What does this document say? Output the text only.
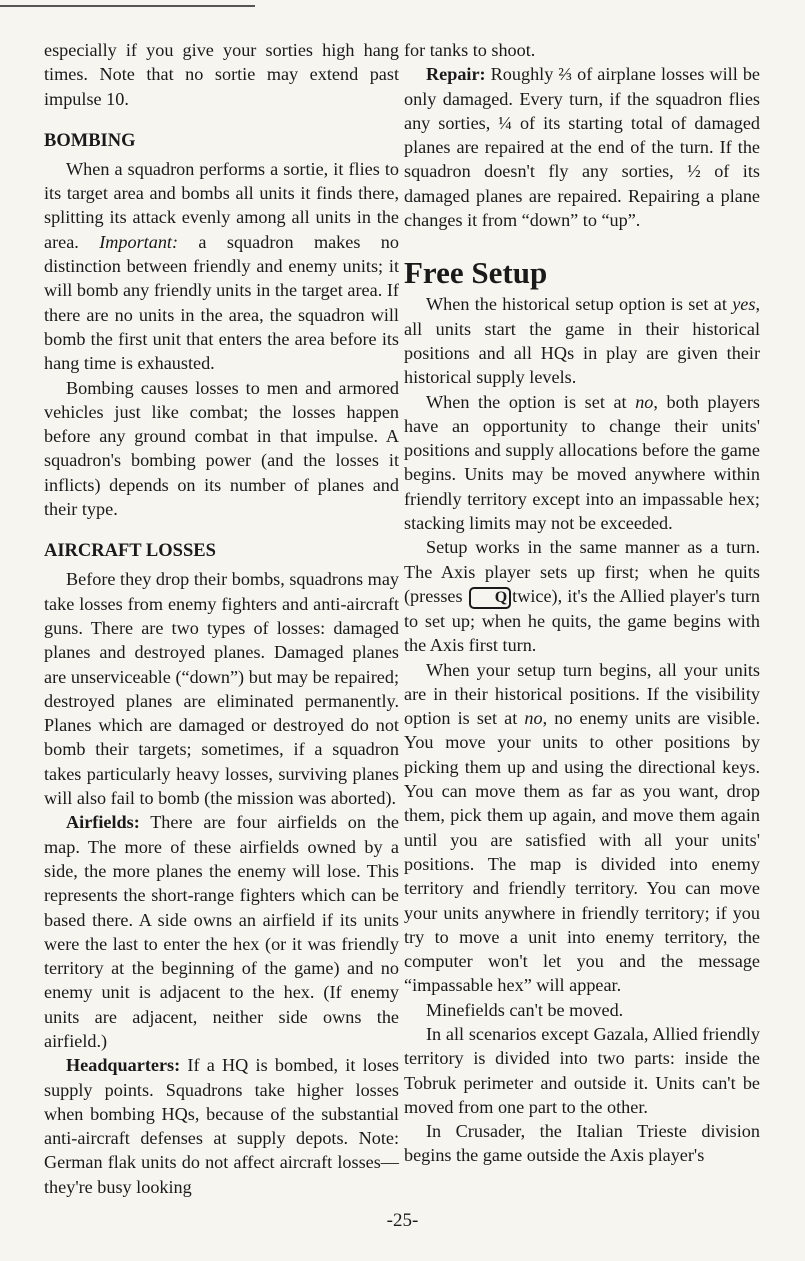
especially if you give your sorties high hang times. Note that no sortie may extend past impulse 10.

BOMBING

When a squadron performs a sortie, it flies to its target area and bombs all units it finds there, splitting its attack evenly among all units in the area. Important: a squadron makes no distinction between friendly and enemy units; it will bomb any friendly units in the target area. If there are no units in the area, the squadron will bomb the first unit that enters the area before its hang time is exhausted.

Bombing causes losses to men and armored vehicles just like combat; the losses happen before any ground combat in that impulse. A squadron's bombing power (and the losses it inflicts) depends on its number of planes and their type.

AIRCRAFT LOSSES

Before they drop their bombs, squadrons may take losses from enemy fighters and anti-aircraft guns. There are two types of losses: damaged planes and destroyed planes. Damaged planes are unserviceable (“down”) but may be repaired; destroyed planes are eliminated permanently. Planes which are damaged or destroyed do not bomb their targets; sometimes, if a squadron takes particularly heavy losses, surviving planes will also fail to bomb (the mission was aborted).

Airfields: There are four airfields on the map. The more of these airfields owned by a side, the more planes the enemy will lose. This represents the short-range fighters which can be based there. A side owns an airfield if its units were the last to enter the hex (or it was friendly territory at the beginning of the game) and no enemy unit is adjacent to the hex. (If enemy units are adjacent, neither side owns the airfield.)

Headquarters: If a HQ is bombed, it loses supply points. Squadrons take higher losses when bombing HQs, because of the substantial anti-aircraft defenses at supply depots. Note: German flak units do not affect aircraft losses—they're busy looking

for tanks to shoot.

Repair: Roughly ⅔ of airplane losses will be only damaged. Every turn, if the squadron flies any sorties, ¼ of its starting total of damaged planes are repaired at the end of the turn. If the squadron doesn't fly any sorties, ½ of its damaged planes are repaired. Repairing a plane changes it from “down” to “up”.

Free Setup

When the historical setup option is set at yes, all units start the game in their historical positions and all HQs in play are given their historical supply levels.

When the option is set at no, both players have an opportunity to change their units' positions and supply allocations before the game begins. Units may be moved anywhere within friendly territory except into an impassable hex; stacking limits may not be exceeded.

Setup works in the same manner as a turn. The Axis player sets up first; when he quits (presses Q twice), it's the Allied player's turn to set up; when he quits, the game begins with the Axis first turn.

When your setup turn begins, all your units are in their historical positions. If the visibility option is set at no, no enemy units are visible. You move your units to other positions by picking them up and using the directional keys. You can move them as far as you want, drop them, pick them up again, and move them again until you are satisfied with all your units' positions. The map is divided into enemy territory and friendly territory. You can move your units anywhere in friendly territory; if you try to move a unit into enemy territory, the computer won't let you and the message “impassable hex” will appear.

Minefields can't be moved.

In all scenarios except Gazala, Allied friendly territory is divided into two parts: inside the Tobruk perimeter and outside it. Units can't be moved from one part to the other.

In Crusader, the Italian Trieste division begins the game outside the Axis player's

-25-
